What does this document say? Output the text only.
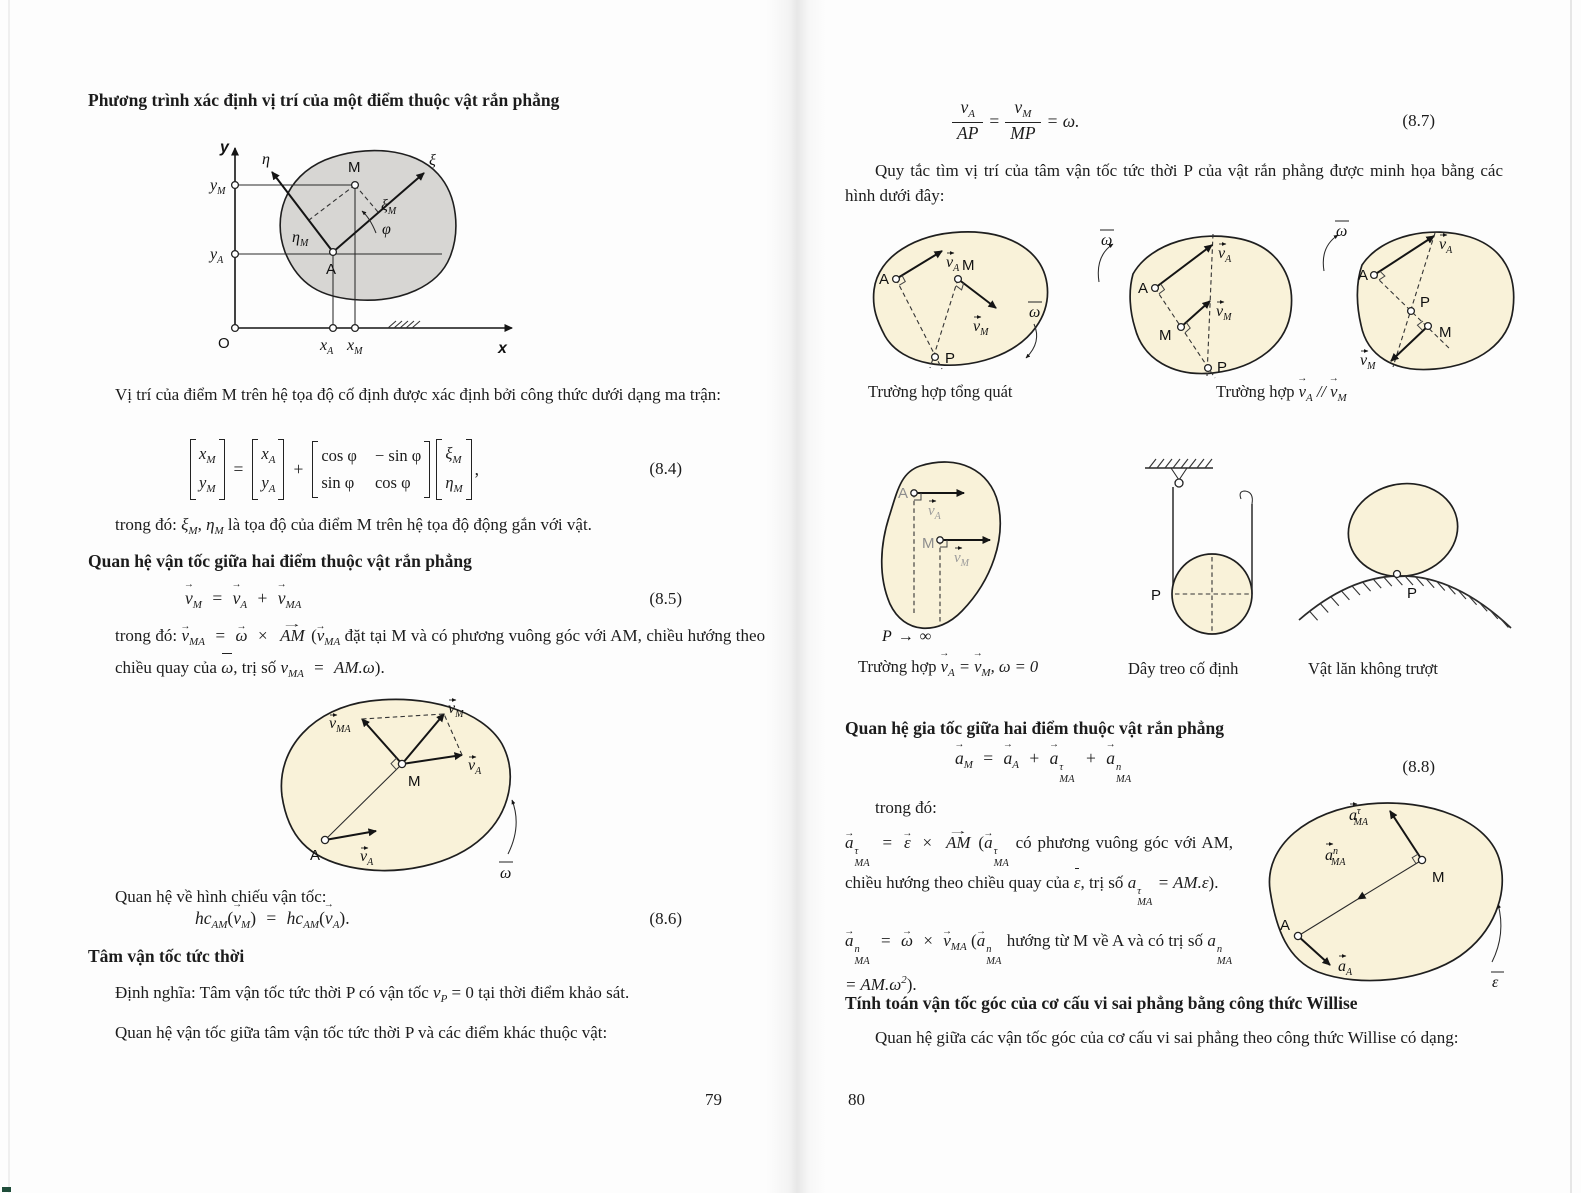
Phương trình xác định vị trí của một điểm thuộc vật rắn phẳng
y
x
O
M
A
η	ξ
$\xi_M$
$\eta_M$
φ
$y_M$
$y_A$
$x_A$ $x_M$
Vị trí của điểm M trên hệ tọa độ cố định được xác định bởi công thức dưới dạng ma trận:
$x_M$
$y_M$
=
$x_A$
$y_A$
+
cos φ − sin φ
sin φ cos φ
$\xi_M$
$\eta_M$
,	(8.4)
trong đó: $\xi_M$, $\eta_M$ là tọa độ của điểm M trên hệ tọa độ động gắn với vật.
Quan hệ vận tốc giữa hai điểm thuộc vật rắn phẳng
$v \to_M = v \to_A + v \to_{MA}$	(8.5)
trong đó: $v \to_{MA} = \omega$ → × AM → ($v \to_{MA}$ đặt tại M và có phương vuông góc với AM, chiều hướng theo chiều quay của ω, trị số $v_{MA} = AM.\omega$).
A
M
$v_A$
$v_{MA}$
$v_M$
$v_A$
ω
Quan hệ về hình chiếu vận tốc:
$hc_{AM}(v \to_M) = hc_{AM}(v \to_A)$.	(8.6)
Tâm vận tốc tức thời
Định nghĩa: Tâm vận tốc tức thời P có vận tốc $v_P = 0$ tại thời điểm khảo sát.
Quan hệ vận tốc giữa tâm vận tốc tức thời P và các điểm khác thuộc vật:
79
$\frac{v_A}{AP} = \frac{v_M}{MP} = \omega$.	(8.7)
Quy tắc tìm vị trí của tâm vận tốc tức thời P của vật rắn phẳng được minh họa bằng các hình dưới đây:
A
M
P
$v_A$
$v_M$
ω
ω
A
M
P
$v_A$
$v_M$
ω
A
P
M
$v_A$
$v_M$
Trường hợp tổng quát	Trường hợp $v \to_A // v \to_M$
A
M
$v_A$
$v_M$
P → ∞
P	P
Trường hợp $v \to_A = v \to_M$, ω = 0	Dây treo cố định	Vật lăn không trượt
Quan hệ gia tốc giữa hai điểm thuộc vật rắn phẳng
$a \to_M = a \to_A + a \to \tau$
MA
+ a → n
MA
(8.8)
trong đó:
a → τ
MA
= ε → × AM → (a → τ
MA
có phương vuông góc với AM, chiều hướng theo chiều quay của ε, trị số a τ
MA
= AM.ε).
a → n
MA
= ω → × $v \to_{MA}$ (a → n
MA
hướng từ M về A và có trị số a n
MA
= $AM.\omega^2$).
A
M
$a^\tau$ MA
$a^n$ MA
$a_A$
ε
Tính toán vận tốc góc của cơ cấu vi sai phẳng bằng công thức Willise
Quan hệ giữa các vận tốc góc của cơ cấu vi sai phẳng theo công thức Willise có dạng:
80
